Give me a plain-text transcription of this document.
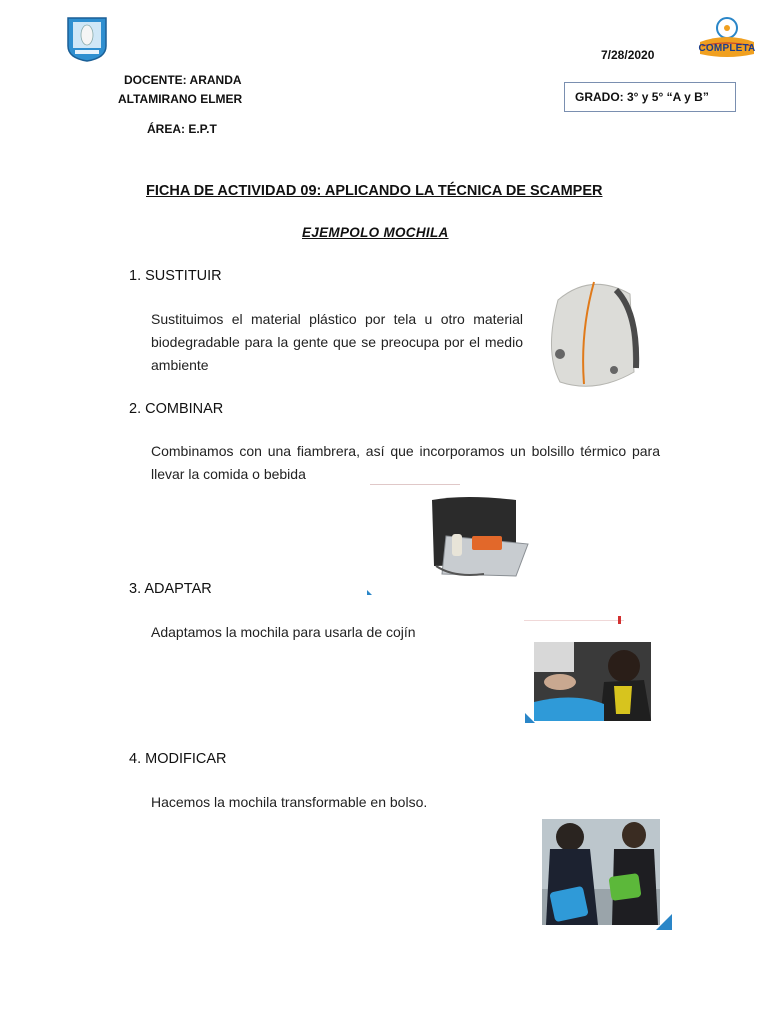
7/28/2020	COMPLETA
DOCENTE: ARANDA
ALTAMIRANO ELMER
ÁREA: E.P.T
GRADO: 3° y 5° “A y B”
FICHA DE ACTIVIDAD 09: APLICANDO LA TÉCNICA DE SCAMPER
EJEMPOLO MOCHILA
1. SUSTITUIR
Sustituimos el material plástico por tela u otro material biodegradable para la gente que se preocupa por el medio ambiente
2. COMBINAR
Combinamos con una fiambrera, así que incorporamos un bolsillo térmico para llevar la comida o bebida
3. ADAPTAR
Adaptamos la mochila para usarla de cojín
4. MODIFICAR
Hacemos la mochila transformable en bolso.
